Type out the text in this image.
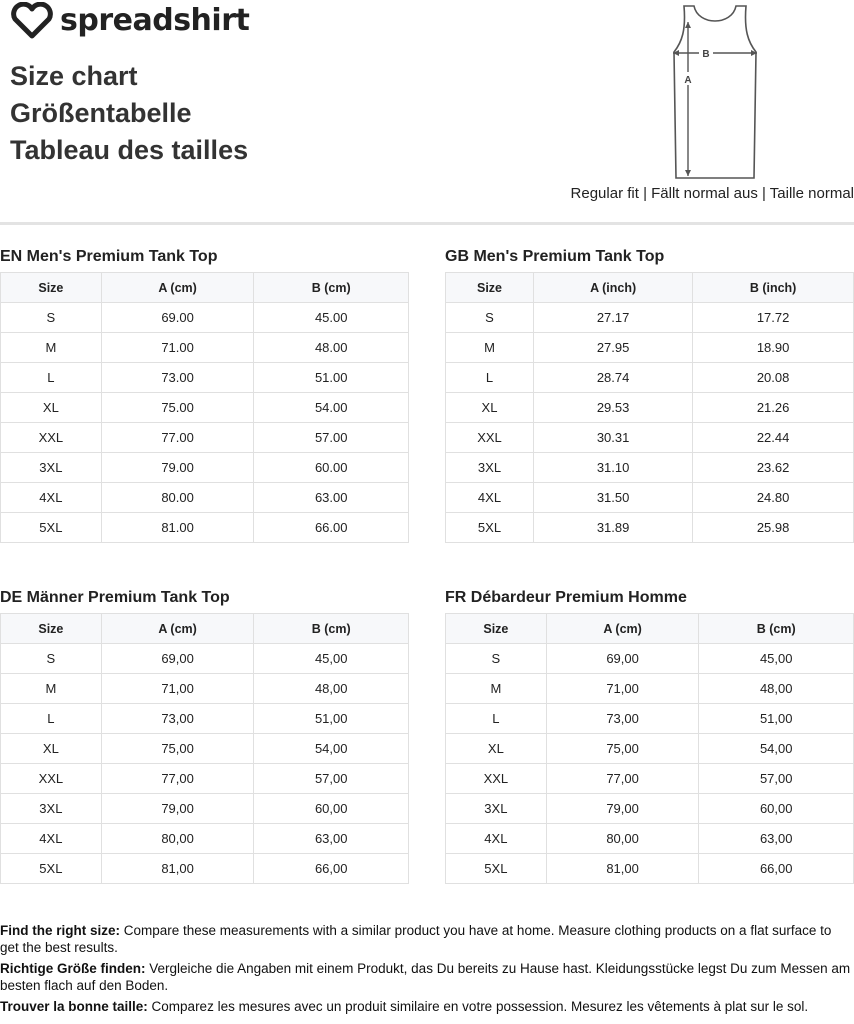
spreadshirt
Size chart
Größentabelle
Tableau des tailles
B
A
Regular fit | Fällt normal aus | Taille normal
EN Men's Premium Tank Top
Size	A (cm)	B (cm)
S	69.00	45.00
M	71.00	48.00
L	73.00	51.00
XL	75.00	54.00
XXL	77.00	57.00
3XL	79.00	60.00
4XL	80.00	63.00
5XL	81.00	66.00
GB Men's Premium Tank Top
Size	A (inch)	B (inch)
S	27.17	17.72
M	27.95	18.90
L	28.74	20.08
XL	29.53	21.26
XXL	30.31	22.44
3XL	31.10	23.62
4XL	31.50	24.80
5XL	31.89	25.98
DE Männer Premium Tank Top
Size	A (cm)	B (cm)
S	69,00	45,00
M	71,00	48,00
L	73,00	51,00
XL	75,00	54,00
XXL	77,00	57,00
3XL	79,00	60,00
4XL	80,00	63,00
5XL	81,00	66,00
FR Débardeur Premium Homme
Size	A (cm)	B (cm)
S	69,00	45,00
M	71,00	48,00
L	73,00	51,00
XL	75,00	54,00
XXL	77,00	57,00
3XL	79,00	60,00
4XL	80,00	63,00
5XL	81,00	66,00

Find the right size: Compare these measurements with a similar product you have at home. Measure clothing products on a flat surface to get the best results.

Richtige Größe finden: Vergleiche die Angaben mit einem Produkt, das Du bereits zu Hause hast. Kleidungsstücke legst Du zum Messen am besten flach auf den Boden.

Trouver la bonne taille: Comparez les mesures avec un produit similaire en votre possession. Mesurez les vêtements à plat sur le sol.
